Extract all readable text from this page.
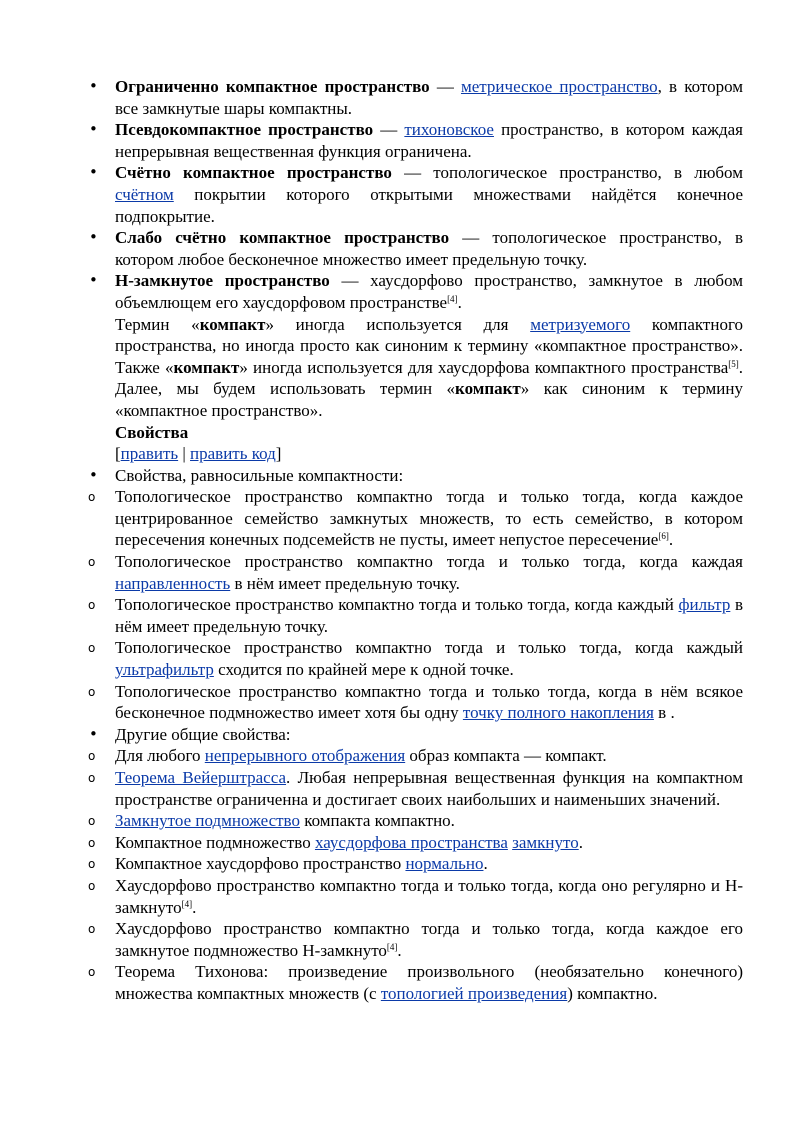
• Ограниченно компактное пространство — метрическое пространство, в котором все замкнутые шары компактны.
• Псевдокомпактное пространство — тихоновское пространство, в котором каждая непрерывная вещественная функция ограничена.
• Счётно компактное пространство — топологическое пространство, в любом счётном покрытии которого открытыми множествами найдётся конечное подпокрытие.
• Слабо счётно компактное пространство — топологическое пространство, в котором любое бесконечное множество имеет предельную точку.
• H-замкнутое пространство — хаусдорфово пространство, замкнутое в любом объемлющем его хаусдорфовом пространстве[4].
Термин «компакт» иногда используется для метризуемого компактного пространства, но иногда просто как синоним к термину «компактное пространство». Также «компакт» иногда используется для хаусдорфова компактного пространства[5]. Далее, мы будем использовать термин «компакт» как синоним к термину «компактное пространство».
Свойства
[править | править код]
• Свойства, равносильные компактности:
o Топологическое пространство компактно тогда и только тогда, когда каждое центрированное семейство замкнутых множеств, то есть семейство, в котором пересечения конечных подсемейств не пусты, имеет непустое пересечение[6].
o Топологическое пространство компактно тогда и только тогда, когда каждая направленность в нём имеет предельную точку.
o Топологическое пространство компактно тогда и только тогда, когда каждый фильтр в нём имеет предельную точку.
o Топологическое пространство компактно тогда и только тогда, когда каждый ультрафильтр сходится по крайней мере к одной точке.
o Топологическое пространство компактно тогда и только тогда, когда в нём всякое бесконечное подмножество имеет хотя бы одну точку полного накопления в .
• Другие общие свойства:
o Для любого непрерывного отображения образ компакта — компакт.
o Теорема Вейерштрасса. Любая непрерывная вещественная функция на компактном пространстве ограниченна и достигает своих наибольших и наименьших значений.
o Замкнутое подмножество компакта компактно.
o Компактное подмножество хаусдорфова пространства замкнуто.
o Компактное хаусдорфово пространство нормально.
o Хаусдорфово пространство компактно тогда и только тогда, когда оно регулярно и H-замкнуто[4].
o Хаусдорфово пространство компактно тогда и только тогда, когда каждое его замкнутое подмножество H-замкнуто[4].
o Теорема Тихонова: произведение произвольного (необязательно конечного) множества компактных множеств (с топологией произведения) компактно.
